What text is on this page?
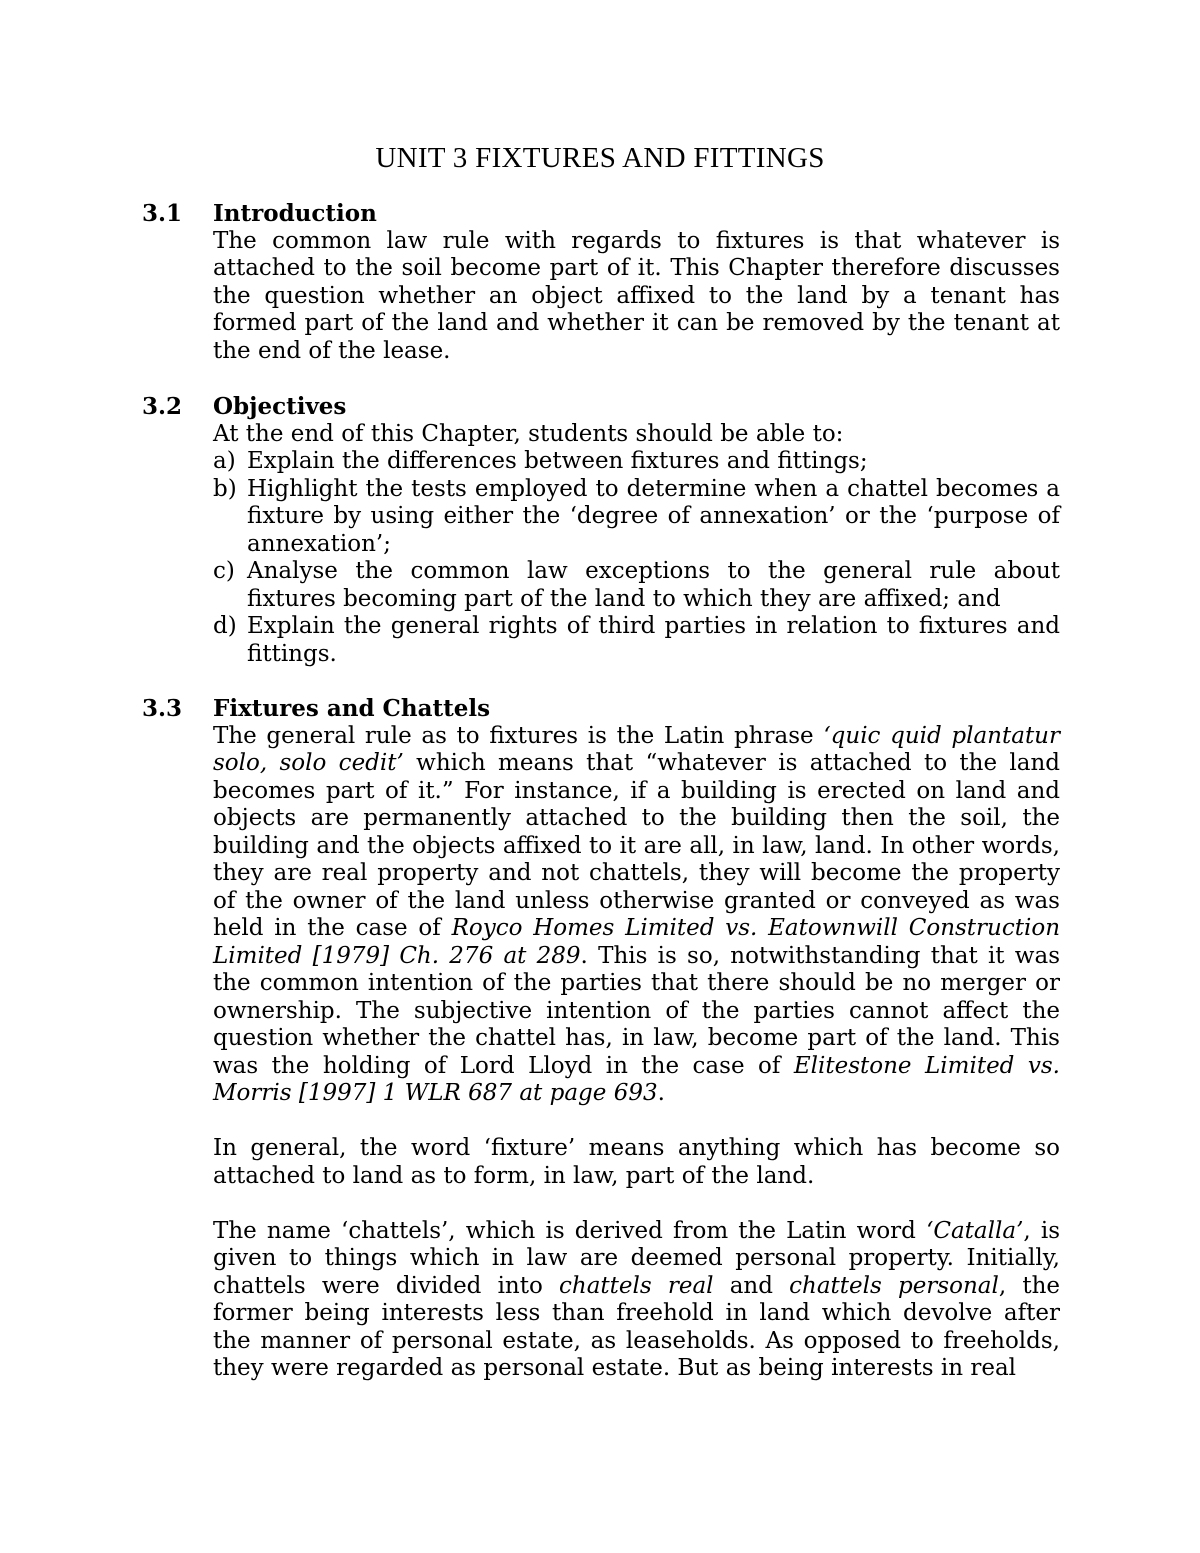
UNIT 3 FIXTURES AND FITTINGS
3.1 Introduction

The common law rule with regards to fixtures is that whatever is attached to the soil become part of it. This Chapter therefore discusses the question whether an object affixed to the land by a tenant has formed part of the land and whether it can be removed by the tenant at the end of the lease.

3.2 Objectives

At the end of this Chapter, students should be able to:

a) Explain the differences between fixtures and fittings;
b) Highlight the tests employed to determine when a chattel becomes a fixture by using either the ‘degree of annexation’ or the ‘purpose of annexation’;
c) Analyse the common law exceptions to the general rule about fixtures becoming part of the land to which they are affixed; and
d) Explain the general rights of third parties in relation to fixtures and fittings.
3.3 Fixtures and Chattels

The general rule as to fixtures is the Latin phrase ‘quic quid plantatur solo, solo cedit’ which means that “whatever is attached to the land becomes part of it.” For instance, if a building is erected on land and objects are permanently attached to the building then the soil, the building and the objects affixed to it are all, in law, land. In other words, they are real property and not chattels, they will become the property of the owner of the land unless otherwise granted or conveyed as was held in the case of Royco Homes Limited vs. Eatownwill Construction Limited [1979] Ch. 276 at 289. This is so, notwithstanding that it was the common intention of the parties that there should be no merger or ownership. The subjective intention of the parties cannot affect the question whether the chattel has, in law, become part of the land. This was the holding of Lord Lloyd in the case of Elitestone Limited vs. Morris [1997] 1 WLR 687 at page 693.

In general, the word ‘fixture’ means anything which has become so attached to land as to form, in law, part of the land.

The name ‘chattels’, which is derived from the Latin word ‘Catalla’, is given to things which in law are deemed personal property. Initially, chattels were divided into chattels real and chattels personal, the former being interests less than freehold in land which devolve after the manner of personal estate, as leaseholds. As opposed to freeholds, they were regarded as personal estate. But as being interests in real
